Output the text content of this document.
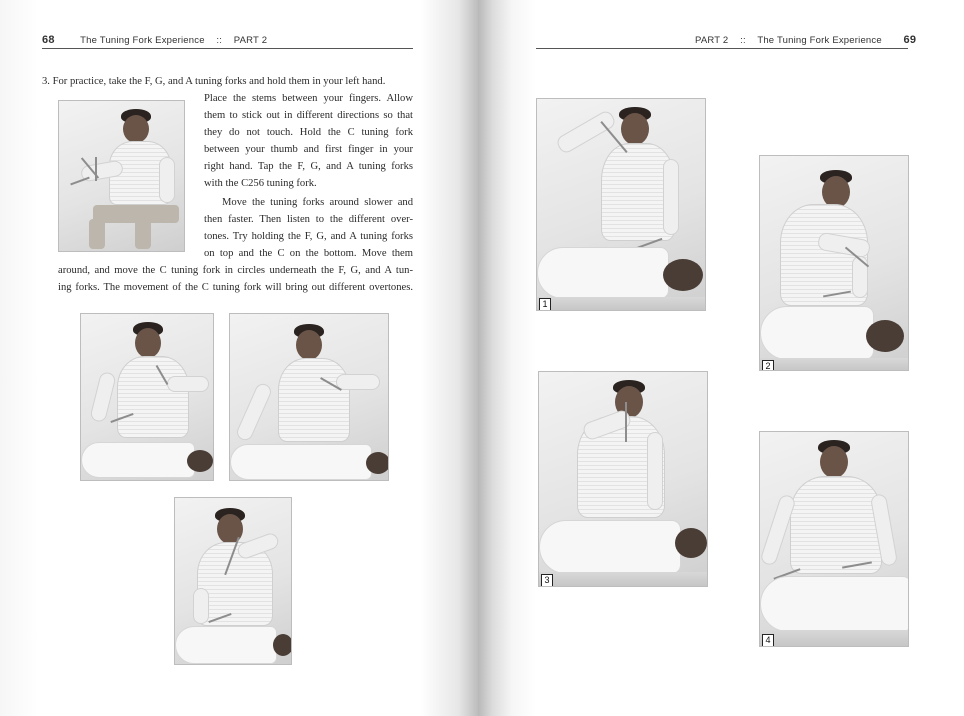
68	The Tuning Fork Experience :: PART 2
3. For practice, take the F, G, and A tuning forks and hold them in your left hand.
Place the stems between your fingers. Allow
them to stick out in different directions so that
they do not touch. Hold the C tuning fork
between your thumb and first finger in your
right hand. Tap the F, G, and A tuning forks
with the C256 tuning fork.
Move the tuning forks around slower and
then faster. Then listen to the different over-
tones. Try holding the F, G, and A tuning forks
on top and the C on the bottom. Move them
around, and move the C tuning fork in circles underneath the F, G, and A tun-
ing forks. The movement of the C tuning fork will bring out different overtones.
PART 2 :: The Tuning Fork Experience 69
1
2
3
4
